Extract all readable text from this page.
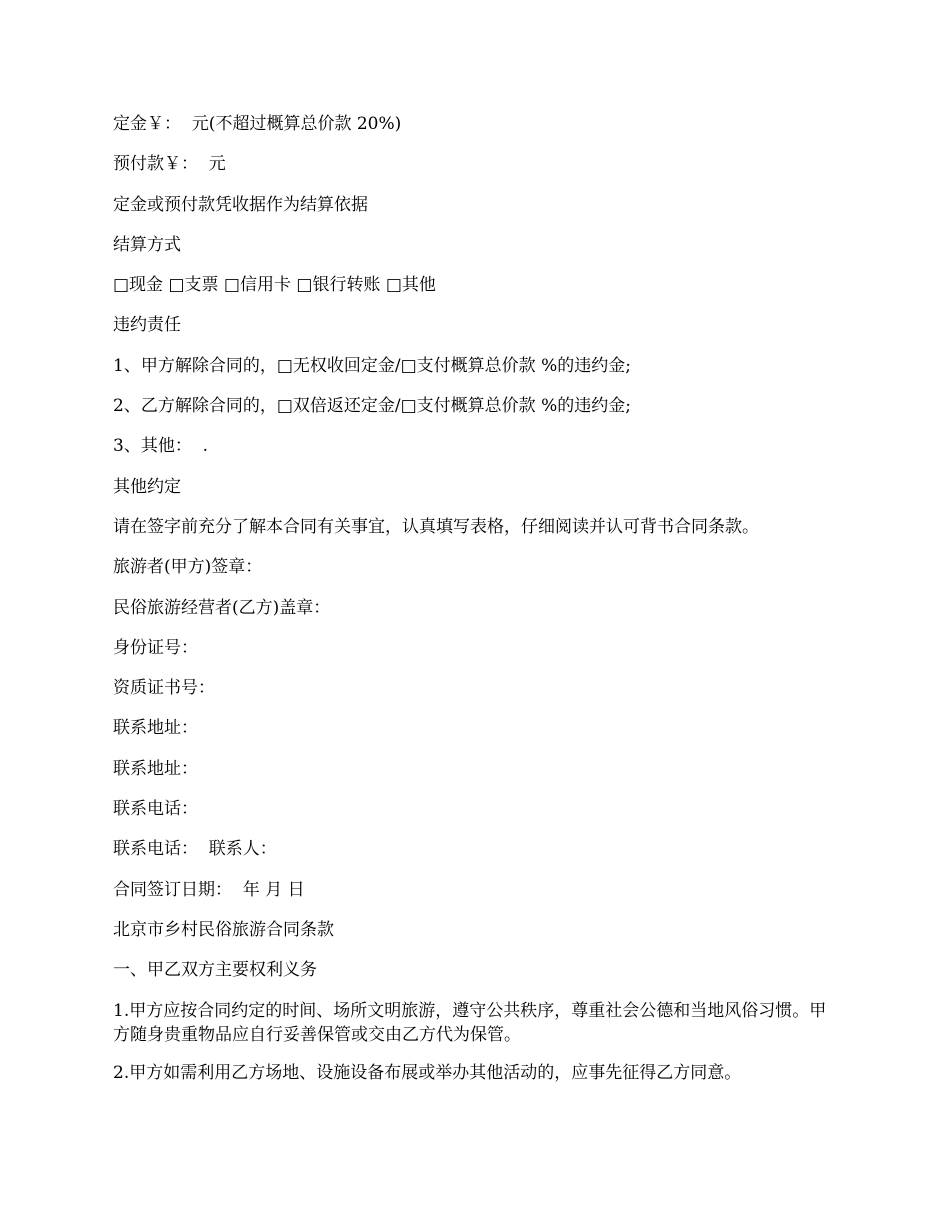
定金￥：  元(不超过概算总价款 20%)

预付款￥：  元

定金或预付款凭收据作为结算依据

结算方式

□现金 □支票 □信用卡 □银行转账 □其他

违约责任

1、甲方解除合同的，□无权收回定金/□支付概算总价款 %的违约金;

2、乙方解除合同的，□双倍返还定金/□支付概算总价款 %的违约金;

3、其他：  .

其他约定

请在签字前充分了解本合同有关事宜，认真填写表格，仔细阅读并认可背书合同条款。

旅游者(甲方)签章：

民俗旅游经营者(乙方)盖章：

身份证号：

资质证书号：

联系地址：

联系地址：

联系电话：

联系电话：  联系人：

合同签订日期：  年 月 日

北京市乡村民俗旅游合同条款

一、甲乙双方主要权利义务

1.甲方应按合同约定的时间、场所文明旅游，遵守公共秩序，尊重社会公德和当地风俗习惯。甲方随身贵重物品应自行妥善保管或交由乙方代为保管。

2.甲方如需利用乙方场地、设施设备布展或举办其他活动的，应事先征得乙方同意。
